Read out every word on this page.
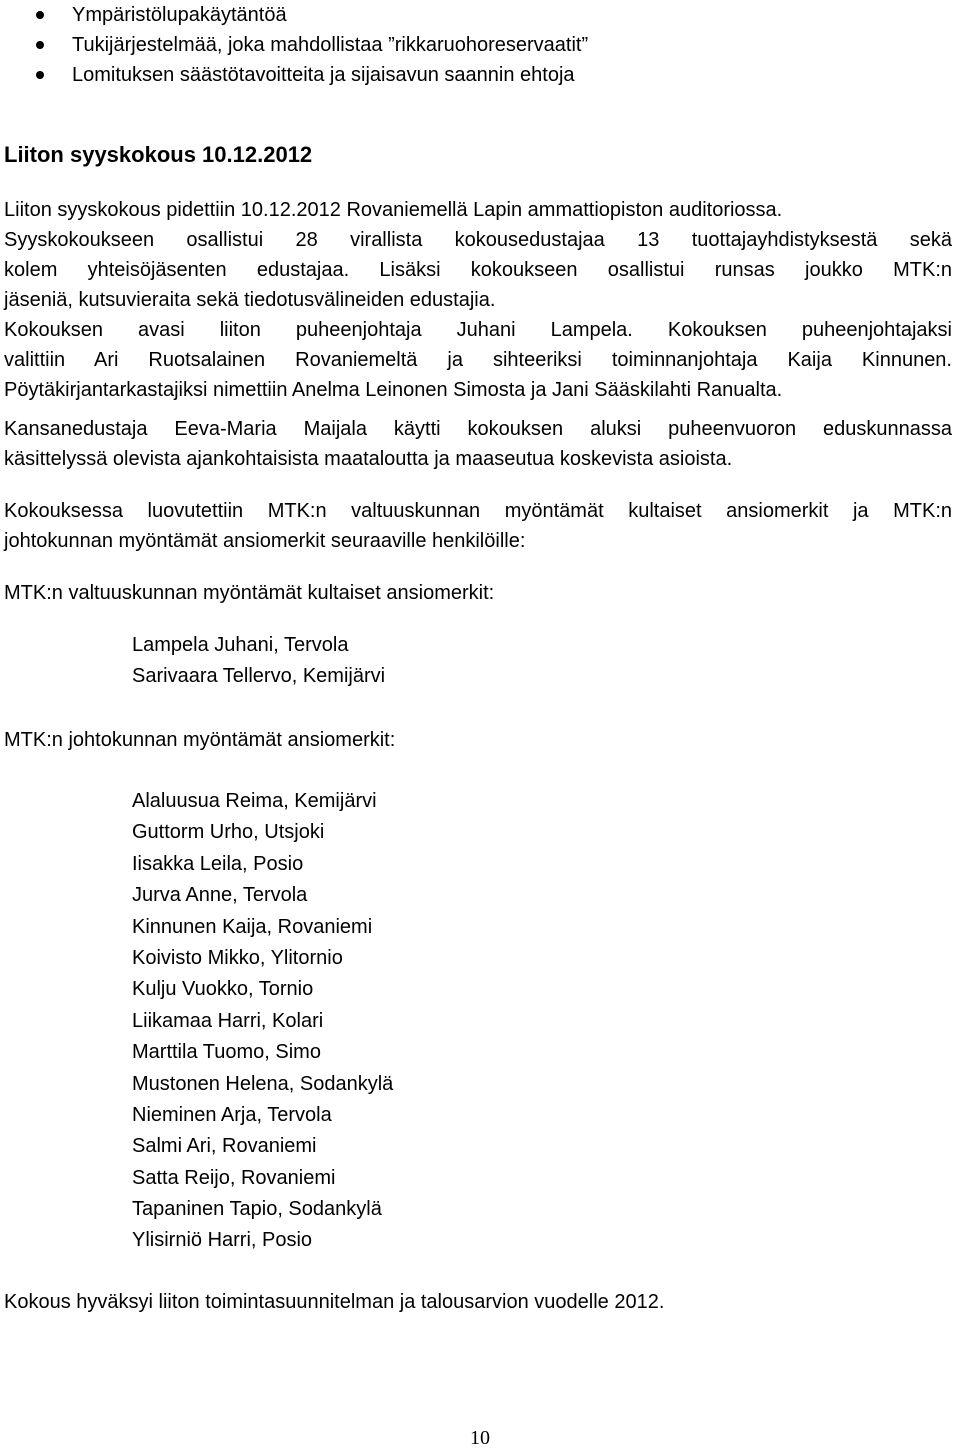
Ympäristölupakäytäntöä
Tukijärjestelmää, joka mahdollistaa ”rikkaruohoreservaatit”
Lomituksen säästötavoitteita ja sijaisavun saannin ehtoja
Liiton syyskokous 10.12.2012
Liiton syyskokous pidettiin 10.12.2012 Rovaniemellä Lapin ammattiopiston auditoriossa.
Syyskokoukseen osallistui 28 virallista kokousedustajaa 13 tuottajayhdistyksestä sekä
kolem yhteisöjäsenten edustajaa. Lisäksi kokoukseen osallistui runsas joukko MTK:n
jäseniä, kutsuvieraita sekä tiedotusvälineiden edustajia.
Kokouksen avasi liiton puheenjohtaja Juhani Lampela. Kokouksen puheenjohtajaksi
valittiin Ari Ruotsalainen Rovaniemeltä ja sihteeriksi toiminnanjohtaja Kaija Kinnunen.
Pöytäkirjantarkastajiksi nimettiin Anelma Leinonen Simosta ja Jani Sääskilahti Ranualta.
Kansanedustaja Eeva-Maria Maijala käytti kokouksen aluksi puheenvuoron eduskunnassa
käsittelyssä olevista ajankohtaisista maataloutta ja maaseutua koskevista asioista.
Kokouksessa luovutettiin MTK:n valtuuskunnan myöntämät kultaiset ansiomerkit ja MTK:n
johtokunnan myöntämät ansiomerkit seuraaville henkilöille:
MTK:n valtuuskunnan myöntämät kultaiset ansiomerkit:
Lampela Juhani, Tervola
Sarivaara Tellervo, Kemijärvi
MTK:n johtokunnan myöntämät ansiomerkit:
Alaluusua Reima, Kemijärvi
Guttorm Urho, Utsjoki
Iisakka Leila, Posio
Jurva Anne, Tervola
Kinnunen Kaija, Rovaniemi
Koivisto Mikko, Ylitornio
Kulju Vuokko, Tornio
Liikamaa Harri, Kolari
Marttila Tuomo, Simo
Mustonen Helena, Sodankylä
Nieminen Arja, Tervola
Salmi Ari, Rovaniemi
Satta Reijo, Rovaniemi
Tapaninen Tapio, Sodankylä
Ylisirniö Harri, Posio
Kokous hyväksyi liiton toimintasuunnitelman ja talousarvion vuodelle 2012.
10
